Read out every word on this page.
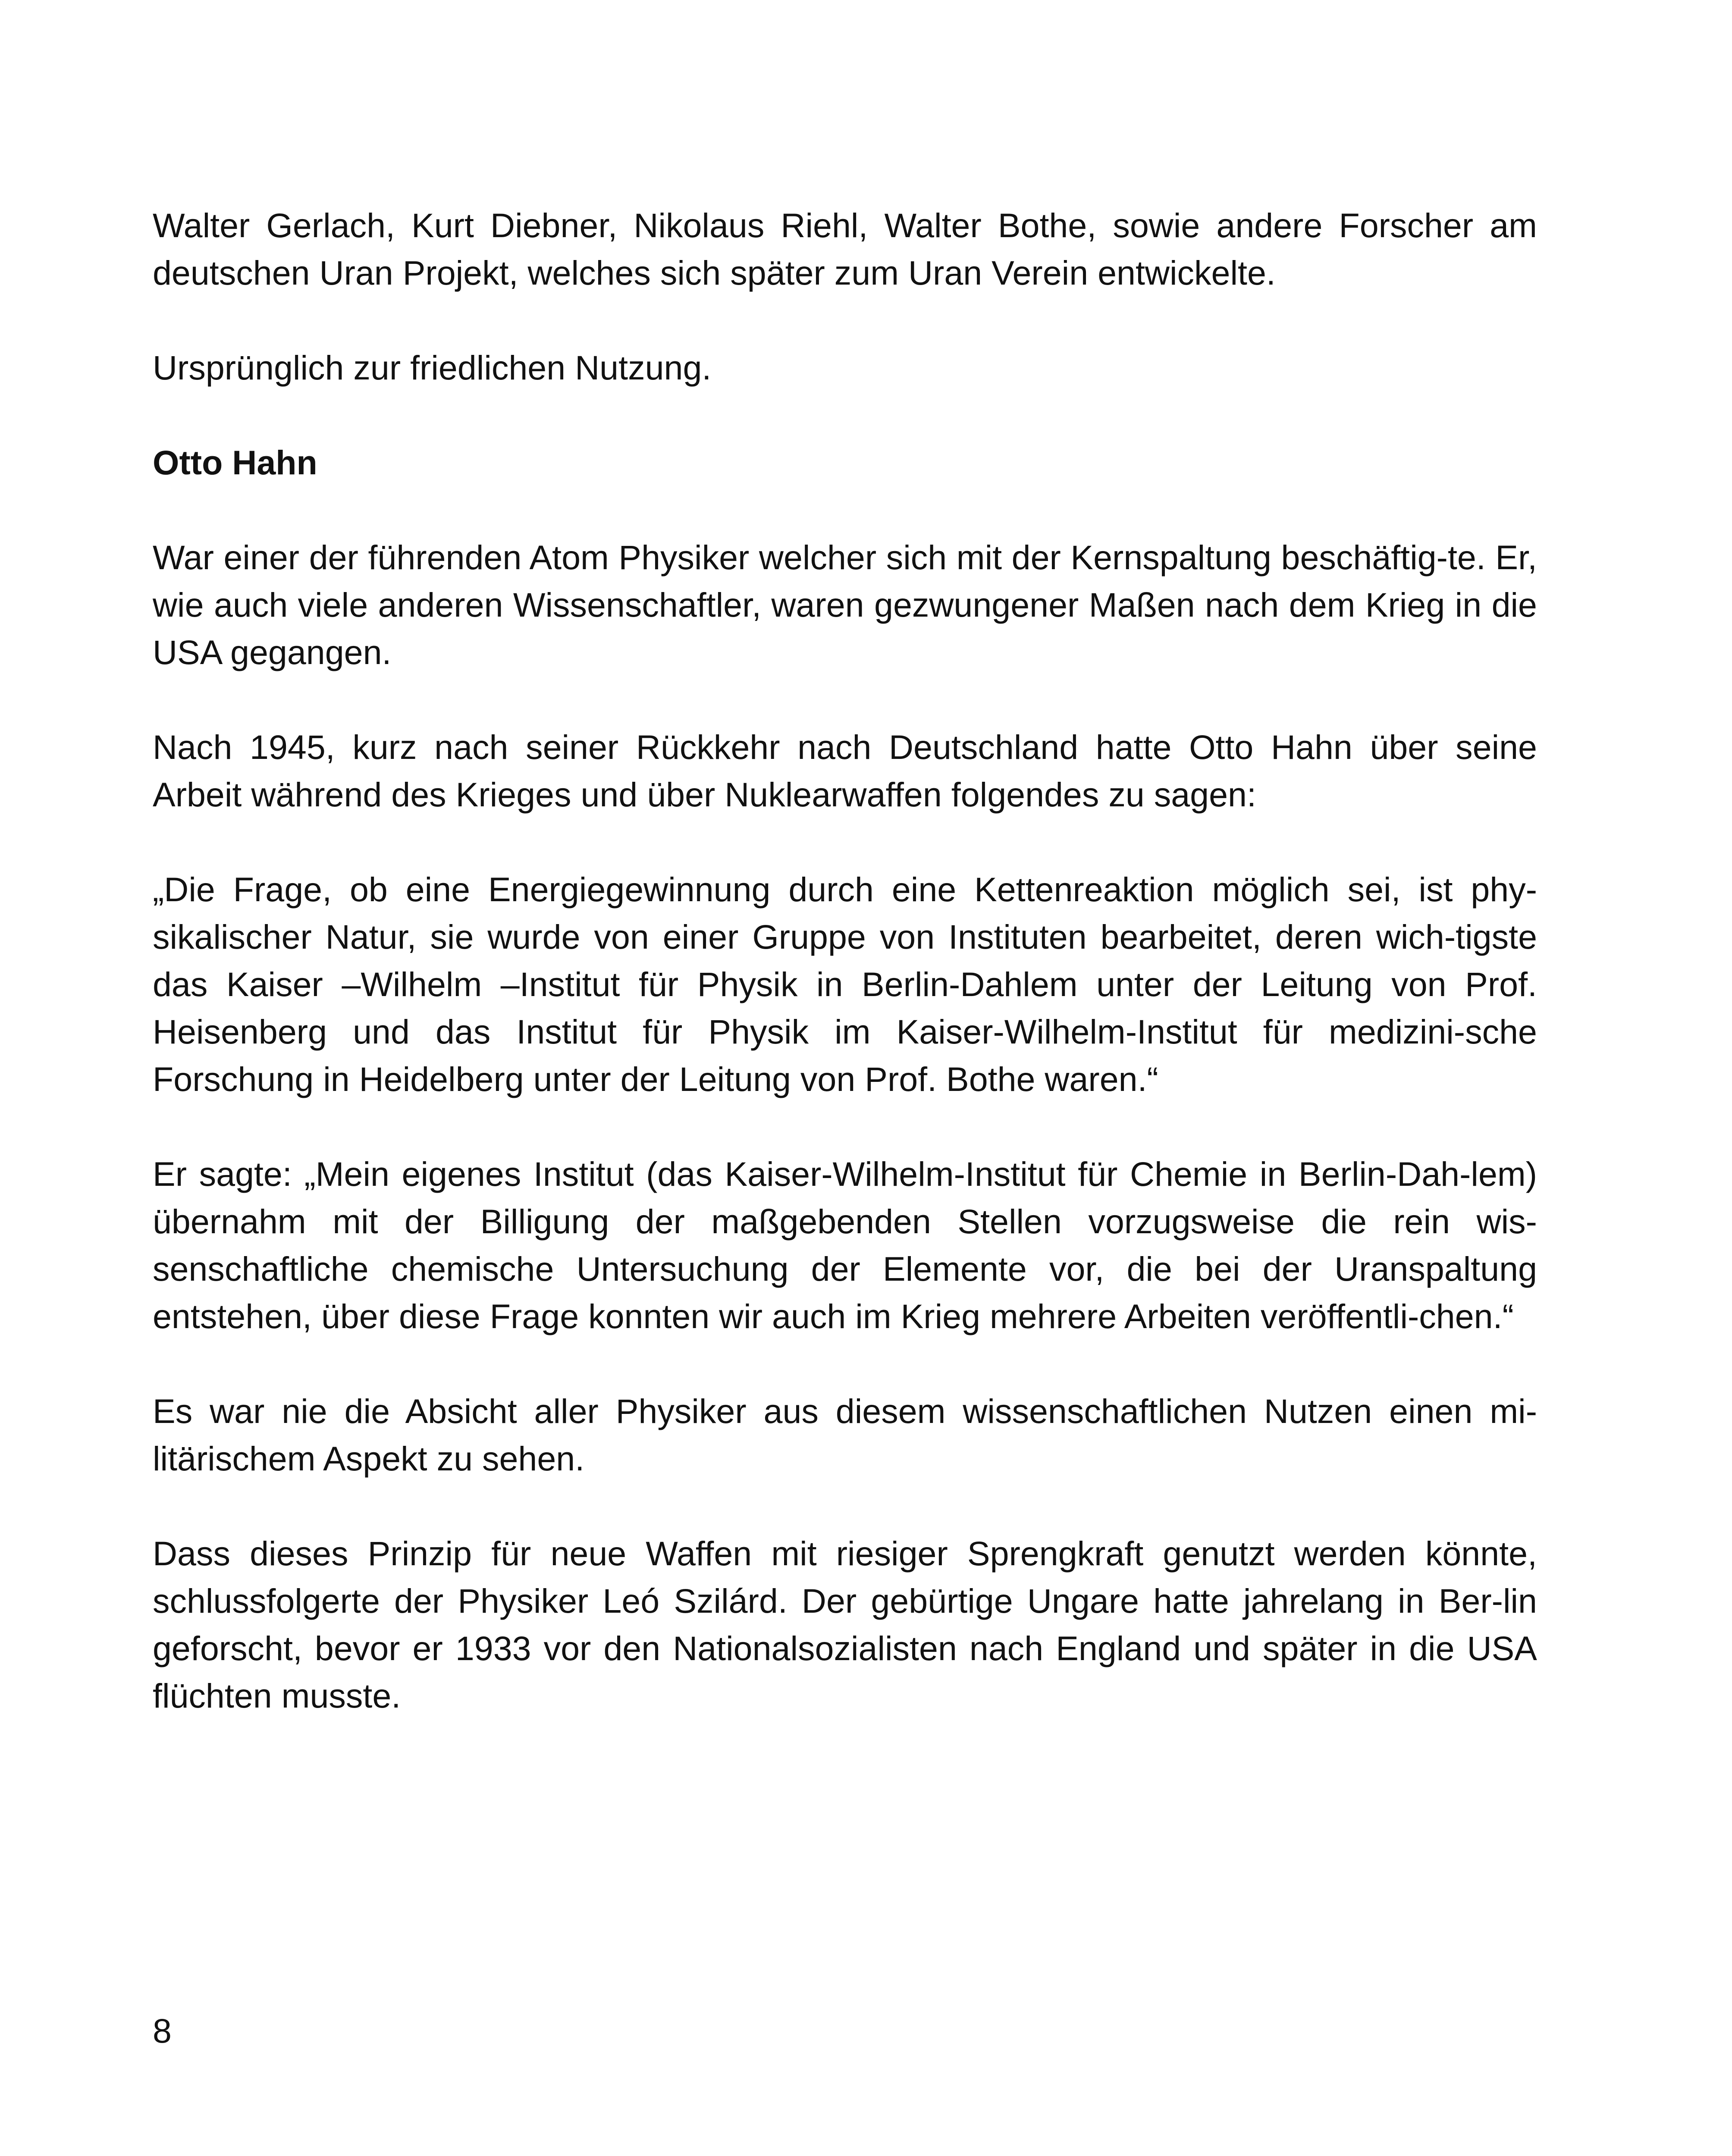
Walter Gerlach, Kurt Diebner, Nikolaus Riehl, Walter Bothe, sowie andere Forscher am deutschen Uran Projekt, welches sich später zum Uran Verein entwickelte.

Ursprünglich zur friedlichen Nutzung.

Otto Hahn

War einer der führenden Atom Physiker welcher sich mit der Kernspaltung beschäftig-te. Er, wie auch viele anderen Wissenschaftler, waren gezwungener Maßen nach dem Krieg in die USA gegangen.

Nach 1945, kurz nach seiner Rückkehr nach Deutschland hatte Otto Hahn über seine Arbeit während des Krieges und über Nuklearwaffen folgendes zu sagen:

„Die Frage, ob eine Energiegewinnung durch eine Kettenreaktion möglich sei, ist phy-sikalischer Natur, sie wurde von einer Gruppe von Instituten bearbeitet, deren wich-tigste das Kaiser –Wilhelm –Institut für Physik in Berlin-Dahlem unter der Leitung von Prof. Heisenberg und das Institut für Physik im Kaiser-Wilhelm-Institut für medizini-sche Forschung in Heidelberg unter der Leitung von Prof. Bothe waren.“

Er sagte: „Mein eigenes Institut (das Kaiser-Wilhelm-Institut für Chemie in Berlin-Dah-lem) übernahm mit der Billigung der maßgebenden Stellen vorzugsweise die rein wis-senschaftliche chemische Untersuchung der Elemente vor, die bei der Uranspaltung entstehen, über diese Frage konnten wir auch im Krieg mehrere Arbeiten veröffentli-chen.“

Es war nie die Absicht aller Physiker aus diesem wissenschaftlichen Nutzen einen mi-litärischem Aspekt zu sehen.

Dass dieses Prinzip für neue Waffen mit riesiger Sprengkraft genutzt werden könnte, schlussfolgerte der Physiker Leó Szilárd. Der gebürtige Ungare hatte jahrelang in Ber-lin geforscht, bevor er 1933 vor den Nationalsozialisten nach England und später in die USA flüchten musste.

8
